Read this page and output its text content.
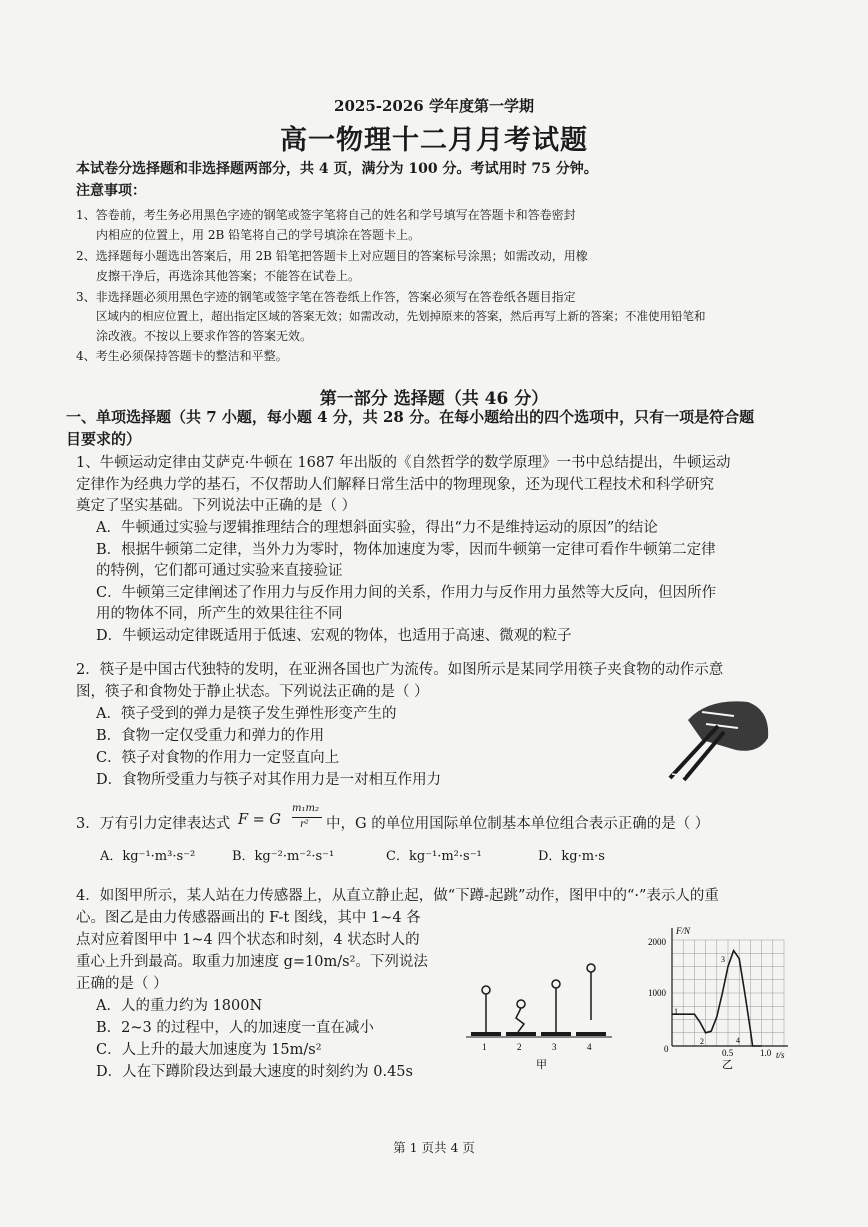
2025-2026 学年度第一学期
高一物理十二月月考试题
本试卷分选择题和非选择题两部分，共 4 页，满分为 100 分。考试用时 75 分钟。
注意事项：
1、答卷前，考生务必用黑色字迹的钢笔或签字笔将自己的姓名和学号填写在答题卡和答卷密封
内相应的位置上，用 2B 铅笔将自己的学号填涂在答题卡上。
2、选择题每小题选出答案后，用 2B 铅笔把答题卡上对应题目的答案标号涂黑；如需改动，用橡
皮擦干净后，再选涂其他答案；不能答在试卷上。
3、非选择题必须用黑色字迹的钢笔或签字笔在答卷纸上作答，答案必须写在答卷纸各题目指定
区域内的相应位置上，超出指定区域的答案无效；如需改动，先划掉原来的答案，然后再写上新的答案；不准使用铅笔和
涂改液。不按以上要求作答的答案无效。
4、考生必须保持答题卡的整洁和平整。
第一部分 选择题（共 46 分）
一、单项选择题（共 7 小题，每小题 4 分，共 28 分。在每小题给出的四个选项中，只有一项是符合题
目要求的）
1、牛顿运动定律由艾萨克·牛顿在 1687 年出版的《自然哲学的数学原理》一书中总结提出，牛顿运动
定律作为经典力学的基石，不仅帮助人们解释日常生活中的物理现象，还为现代工程技术和科学研究
奠定了坚实基础。下列说法中正确的是（ ）
A．牛顿通过实验与逻辑推理结合的理想斜面实验，得出“力不是维持运动的原因”的结论
B．根据牛顿第二定律，当外力为零时，物体加速度为零，因而牛顿第一定律可看作牛顿第二定律
的特例，它们都可通过实验来直接验证
C．牛顿第三定律阐述了作用力与反作用力间的关系，作用力与反作用力虽然等大反向，但因所作
用的物体不同，所产生的效果往往不同
D．牛顿运动定律既适用于低速、宏观的物体，也适用于高速、微观的粒子
2．筷子是中国古代独特的发明，在亚洲各国也广为流传。如图所示是某同学用筷子夹食物的动作示意
图，筷子和食物处于静止状态。下列说法正确的是（ ）
A．筷子受到的弹力是筷子发生弹性形变产生的
B．食物一定仅受重力和弹力的作用
C．筷子对食物的作用力一定竖直向上
D．食物所受重力与筷子对其作用力是一对相互作用力
3．万有引力定律表达式 F = G
m₁m₂
r² 中，G 的单位用国际单位制基本单位组合表示正确的是（ ）
A．kg⁻¹·m³·s⁻²	B．kg⁻²·m⁻²·s⁻¹	C．kg⁻¹·m²·s⁻¹	D．kg·m·s
4．如图甲所示，某人站在力传感器上，从直立静止起，做“下蹲-起跳”动作，图甲中的“·”表示人的重
心。图乙是由力传感器画出的 F-t 图线，其中 1~4 各
点对应着图甲中 1~4 四个状态和时刻，4 状态时人的
重心上升到最高。取重力加速度 g=10m/s²。下列说法
正确的是（ ）
A．人的重力约为 1800N
B．2~3 的过程中，人的加速度一直在减小
C．人上升的最大加速度为 15m/s²
D．人在下蹲阶段达到最大速度的时刻约为 0.45s
1	2	3	4
甲
F/N
t/s
2000
1000
0	0.5	1.0
1
2
3
4
乙
第 1 页共 4 页
